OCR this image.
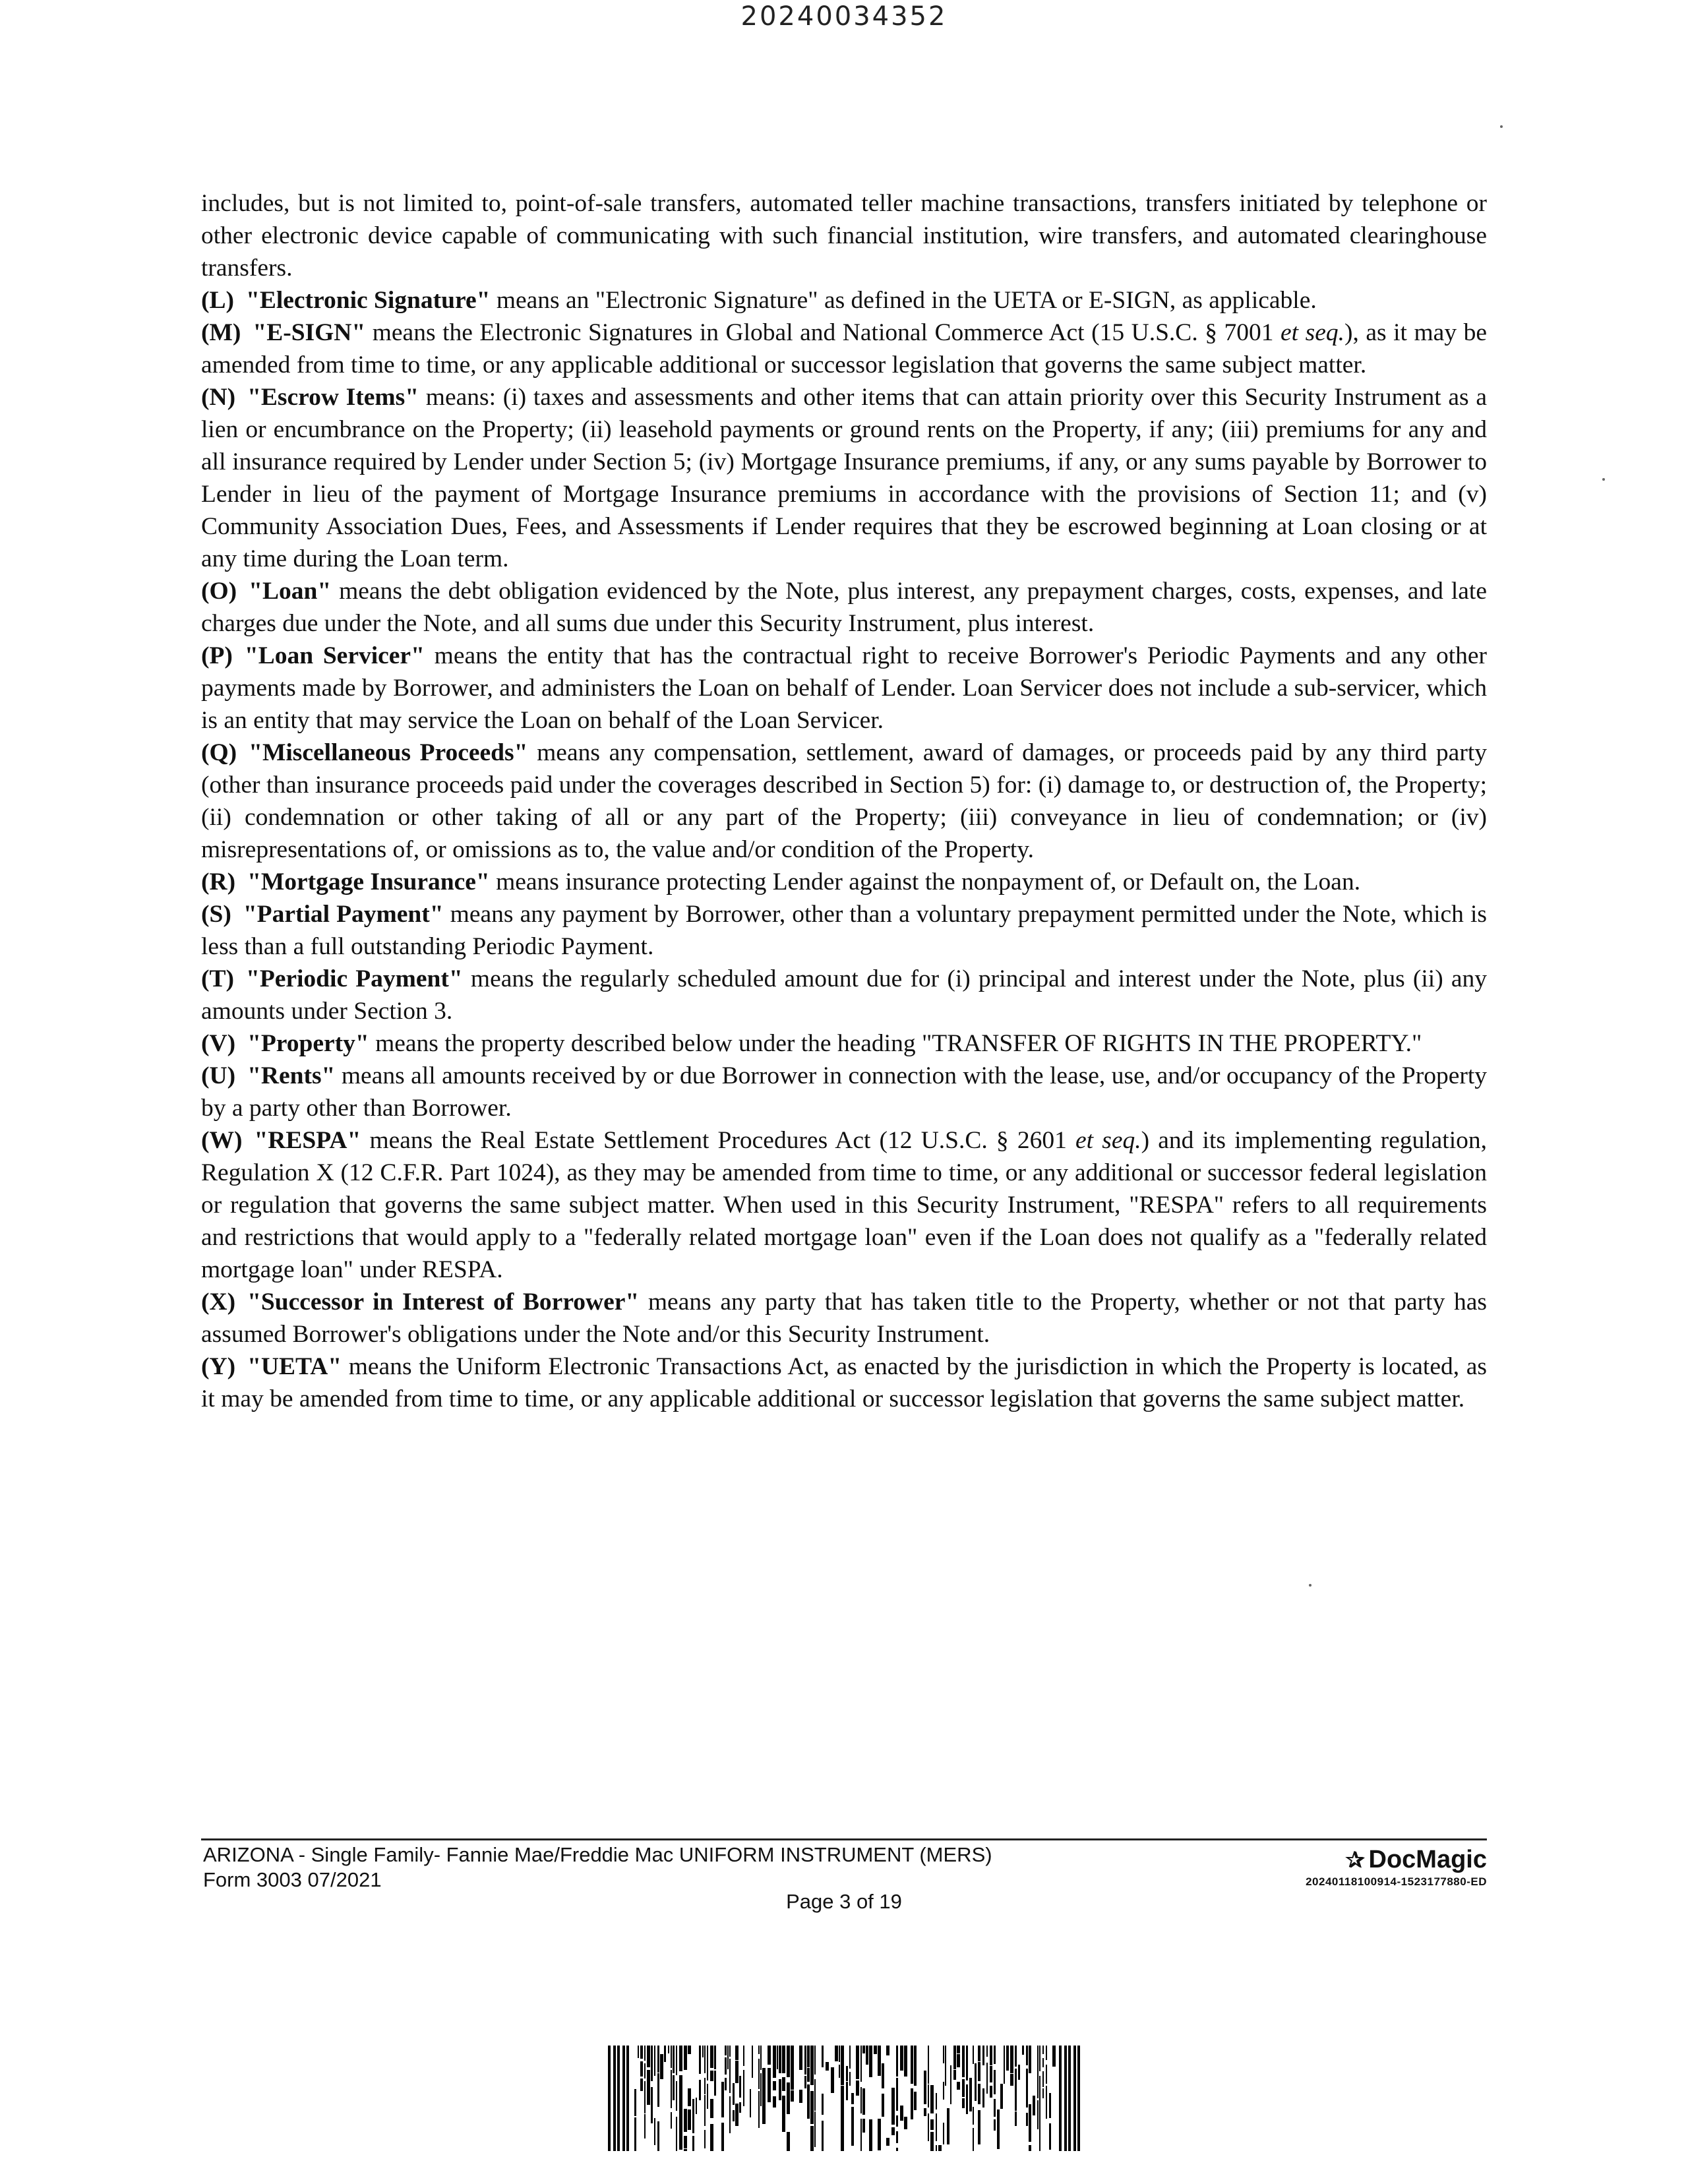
20240034352

includes, but is not limited to, point-of-sale transfers, automated teller machine transactions, transfers initiated by telephone or other electronic device capable of communicating with such financial institution, wire transfers, and automated clearinghouse transfers.

(L) "Electronic Signature" means an "Electronic Signature" as defined in the UETA or E-SIGN, as applicable.

(M) "E-SIGN" means the Electronic Signatures in Global and National Commerce Act (15 U.S.C. § 7001 et seq.), as it may be amended from time to time, or any applicable additional or successor legislation that governs the same subject matter.

(N) "Escrow Items" means: (i) taxes and assessments and other items that can attain priority over this Security Instrument as a lien or encumbrance on the Property; (ii) leasehold payments or ground rents on the Property, if any; (iii) premiums for any and all insurance required by Lender under Section 5; (iv) Mortgage Insurance premiums, if any, or any sums payable by Borrower to Lender in lieu of the payment of Mortgage Insurance premiums in accordance with the provisions of Section 11; and (v) Community Association Dues, Fees, and Assessments if Lender requires that they be escrowed beginning at Loan closing or at any time during the Loan term.

(O) "Loan" means the debt obligation evidenced by the Note, plus interest, any prepayment charges, costs, expenses, and late charges due under the Note, and all sums due under this Security Instrument, plus interest.

(P) "Loan Servicer" means the entity that has the contractual right to receive Borrower's Periodic Payments and any other payments made by Borrower, and administers the Loan on behalf of Lender. Loan Servicer does not include a sub-servicer, which is an entity that may service the Loan on behalf of the Loan Servicer.

(Q) "Miscellaneous Proceeds" means any compensation, settlement, award of damages, or proceeds paid by any third party (other than insurance proceeds paid under the coverages described in Section 5) for: (i) damage to, or destruction of, the Property; (ii) condemnation or other taking of all or any part of the Property; (iii) conveyance in lieu of condemnation; or (iv) misrepresentations of, or omissions as to, the value and/or condition of the Property.

(R) "Mortgage Insurance" means insurance protecting Lender against the nonpayment of, or Default on, the Loan.

(S) "Partial Payment" means any payment by Borrower, other than a voluntary prepayment permitted under the Note, which is less than a full outstanding Periodic Payment.

(T) "Periodic Payment" means the regularly scheduled amount due for (i) principal and interest under the Note, plus (ii) any amounts under Section 3.

(V) "Property" means the property described below under the heading "TRANSFER OF RIGHTS IN THE PROPERTY."

(U) "Rents" means all amounts received by or due Borrower in connection with the lease, use, and/or occupancy of the Property by a party other than Borrower.

(W) "RESPA" means the Real Estate Settlement Procedures Act (12 U.S.C. § 2601 et seq.) and its implementing regulation, Regulation X (12 C.F.R. Part 1024), as they may be amended from time to time, or any additional or successor federal legislation or regulation that governs the same subject matter. When used in this Security Instrument, "RESPA" refers to all requirements and restrictions that would apply to a "federally related mortgage loan" even if the Loan does not qualify as a "federally related mortgage loan" under RESPA.

(X) "Successor in Interest of Borrower" means any party that has taken title to the Property, whether or not that party has assumed Borrower's obligations under the Note and/or this Security Instrument.

(Y) "UETA" means the Uniform Electronic Transactions Act, as enacted by the jurisdiction in which the Property is located, as it may be amended from time to time, or any applicable additional or successor legislation that governs the same subject matter.

ARIZONA - Single Family- Fannie Mae/Freddie Mac UNIFORM INSTRUMENT (MERS)
Form 3003 07/2021
Page 3 of 19
✰ DocMagic
20240118100914-1523177880-ED
